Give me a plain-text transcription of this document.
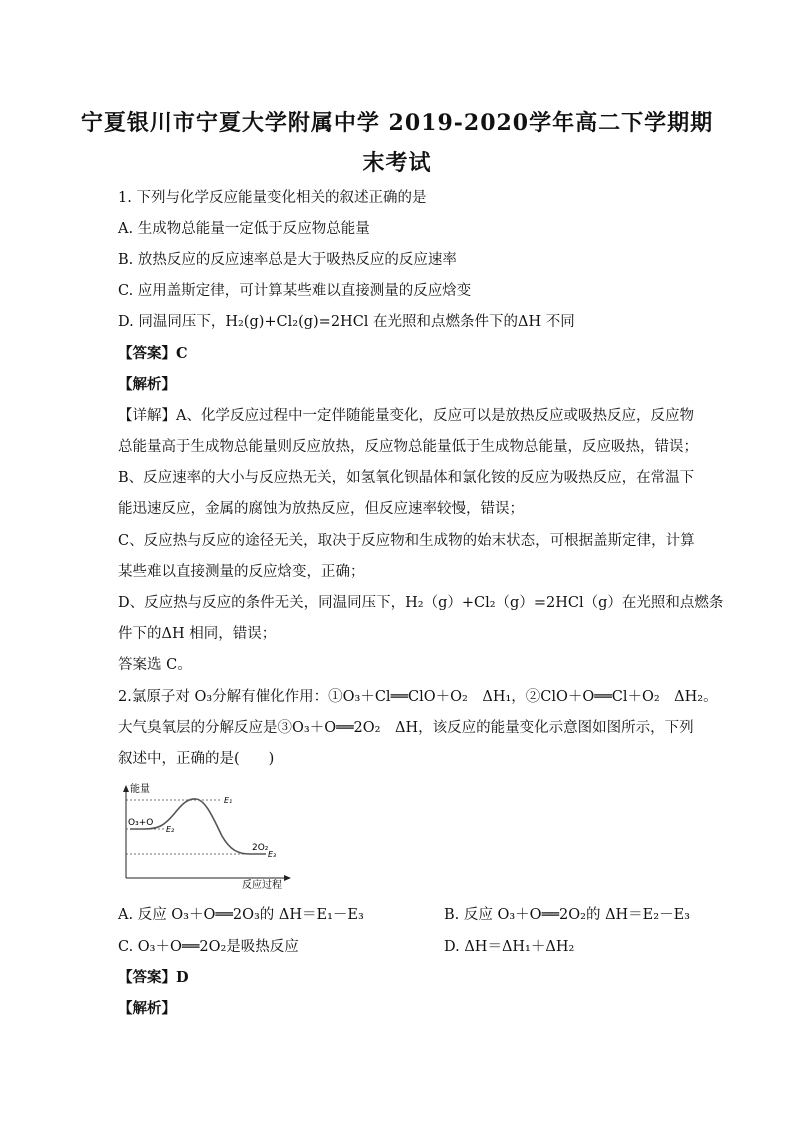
宁夏银川市宁夏大学附属中学 2019-2020学年高二下学期期
末考试
1. 下列与化学反应能量变化相关的叙述正确的是
A. 生成物总能量一定低于反应物总能量
B. 放热反应的反应速率总是大于吸热反应的反应速率
C. 应用盖斯定律，可计算某些难以直接测量的反应焓变
D. 同温同压下，H₂(g)+Cl₂(g)=2HCl 在光照和点燃条件下的ΔH 不同
【答案】C
【解析】
【详解】A、化学反应过程中一定伴随能量变化，反应可以是放热反应或吸热反应，反应物
总能量高于生成物总能量则反应放热，反应物总能量低于生成物总能量，反应吸热，错误；
B、反应速率的大小与反应热无关，如氢氧化钡晶体和氯化铵的反应为吸热反应，在常温下
能迅速反应，金属的腐蚀为放热反应，但反应速率较慢，错误；
C、反应热与反应的途径无关，取决于反应物和生成物的始末状态，可根据盖斯定律，计算
某些难以直接测量的反应焓变，正确；
D、反应热与反应的条件无关，同温同压下，H₂（g）+Cl₂（g）=2HCl（g）在光照和点燃条
件下的ΔH 相同，错误；
答案选 C。
2.氯原子对 O₃分解有催化作用：①O₃＋Cl══ClO＋O₂　ΔH₁，②ClO＋O══Cl＋O₂　ΔH₂。
大气臭氧层的分解反应是③O₃＋O══2O₂　ΔH，该反应的能量变化示意图如图所示，下列
叙述中，正确的是(　　)
能量
反应过程
O₃+O
E₁
E₂
2O₂
E₃
A. 反应 O₃＋O══2O₃的 ΔH＝E₁－E₃	B. 反应 O₃＋O══2O₂的 ΔH＝E₂－E₃
C. O₃＋O══2O₂是吸热反应	D. ΔH＝ΔH₁＋ΔH₂
【答案】D
【解析】
